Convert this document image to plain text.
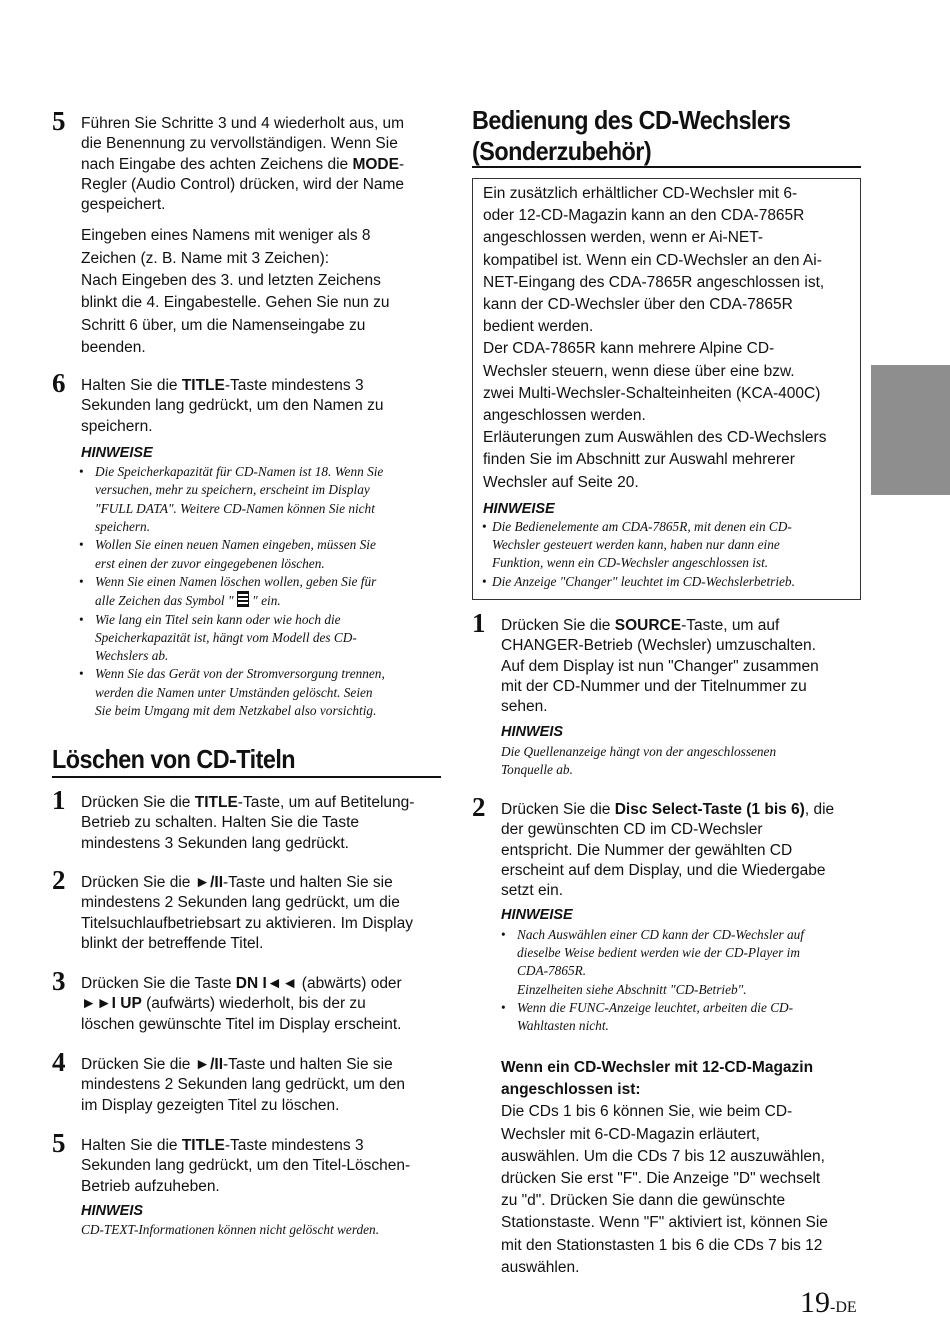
5 Führen Sie Schritte 3 und 4 wiederholt aus, um
die Benennung zu vervollständigen. Wenn Sie
nach Eingabe des achten Zeichens die MODE-
Regler (Audio Control) drücken, wird der Name
gespeichert.
Eingeben eines Namens mit weniger als 8
Zeichen (z. B. Name mit 3 Zeichen):
Nach Eingeben des 3. und letzten Zeichens
blinkt die 4. Eingabestelle. Gehen Sie nun zu
Schritt 6 über, um die Namenseingabe zu
beenden.
6 Halten Sie die TITLE-Taste mindestens 3
Sekunden lang gedrückt, um den Namen zu
speichern.
HINWEISE
• Die Speicherkapazität für CD-Namen ist 18. Wenn Sie
versuchen, mehr zu speichern, erscheint im Display
"FULL DATA". Weitere CD-Namen können Sie nicht
speichern.
• Wollen Sie einen neuen Namen eingeben, müssen Sie
erst einen der zuvor eingegebenen löschen.
• Wenn Sie einen Namen löschen wollen, geben Sie für
alle Zeichen das Symbol "  " ein.
• Wie lang ein Titel sein kann oder wie hoch die
Speicherkapazität ist, hängt vom Modell des CD-
Wechslers ab.
• Wenn Sie das Gerät von der Stromversorgung trennen,
werden die Namen unter Umständen gelöscht. Seien
Sie beim Umgang mit dem Netzkabel also vorsichtig.
Löschen von CD-Titeln
1 Drücken Sie die TITLE-Taste, um auf Betitelung-
Betrieb zu schalten. Halten Sie die Taste
mindestens 3 Sekunden lang gedrückt.
2 Drücken Sie die ►/II-Taste und halten Sie sie
mindestens 2 Sekunden lang gedrückt, um die
Titelsuchlaufbetriebsart zu aktivieren. Im Display
blinkt der betreffende Titel.
3 Drücken Sie die Taste DN I◄◄ (abwärts) oder
►►I UP (aufwärts) wiederholt, bis der zu
löschen gewünschte Titel im Display erscheint.
4 Drücken Sie die ►/II-Taste und halten Sie sie
mindestens 2 Sekunden lang gedrückt, um den
im Display gezeigten Titel zu löschen.
5 Halten Sie die TITLE-Taste mindestens 3
Sekunden lang gedrückt, um den Titel-Löschen-
Betrieb aufzuheben.
HINWEIS
CD-TEXT-Informationen können nicht gelöscht werden.
Bedienung des CD-Wechslers
(Sonderzubehör)
Ein zusätzlich erhältlicher CD-Wechsler mit 6-
oder 12-CD-Magazin kann an den CDA-7865R
angeschlossen werden, wenn er Ai-NET-
kompatibel ist. Wenn ein CD-Wechsler an den Ai-
NET-Eingang des CDA-7865R angeschlossen ist,
kann der CD-Wechsler über den CDA-7865R
bedient werden.
Der CDA-7865R kann mehrere Alpine CD-
Wechsler steuern, wenn diese über eine bzw.
zwei Multi-Wechsler-Schalteinheiten (KCA-400C)
angeschlossen werden.
Erläuterungen zum Auswählen des CD-Wechslers
finden Sie im Abschnitt zur Auswahl mehrerer
Wechsler auf Seite 20.
HINWEISE
• Die Bedienelemente am CDA-7865R, mit denen ein CD-
Wechsler gesteuert werden kann, haben nur dann eine
Funktion, wenn ein CD-Wechsler angeschlossen ist.
• Die Anzeige "Changer" leuchtet im CD-Wechslerbetrieb.
1 Drücken Sie die SOURCE-Taste, um auf
CHANGER-Betrieb (Wechsler) umzuschalten.
Auf dem Display ist nun "Changer" zusammen
mit der CD-Nummer und der Titelnummer zu
sehen.
HINWEIS
Die Quellenanzeige hängt von der angeschlossenen
Tonquelle ab.
2 Drücken Sie die Disc Select-Taste (1 bis 6), die
der gewünschten CD im CD-Wechsler
entspricht. Die Nummer der gewählten CD
erscheint auf dem Display, und die Wiedergabe
setzt ein.
HINWEISE
• Nach Auswählen einer CD kann der CD-Wechsler auf
dieselbe Weise bedient werden wie der CD-Player im
CDA-7865R.
Einzelheiten siehe Abschnitt "CD-Betrieb".
• Wenn die FUNC-Anzeige leuchtet, arbeiten die CD-
Wahltasten nicht.
Wenn ein CD-Wechsler mit 12-CD-Magazin
angeschlossen ist:
Die CDs 1 bis 6 können Sie, wie beim CD-
Wechsler mit 6-CD-Magazin erläutert,
auswählen. Um die CDs 7 bis 12 auszuwählen,
drücken Sie erst "F". Die Anzeige "D" wechselt
zu "d". Drücken Sie dann die gewünschte
Stationstaste. Wenn "F" aktiviert ist, können Sie
mit den Stationstasten 1 bis 6 die CDs 7 bis 12
auswählen.
19-DE
